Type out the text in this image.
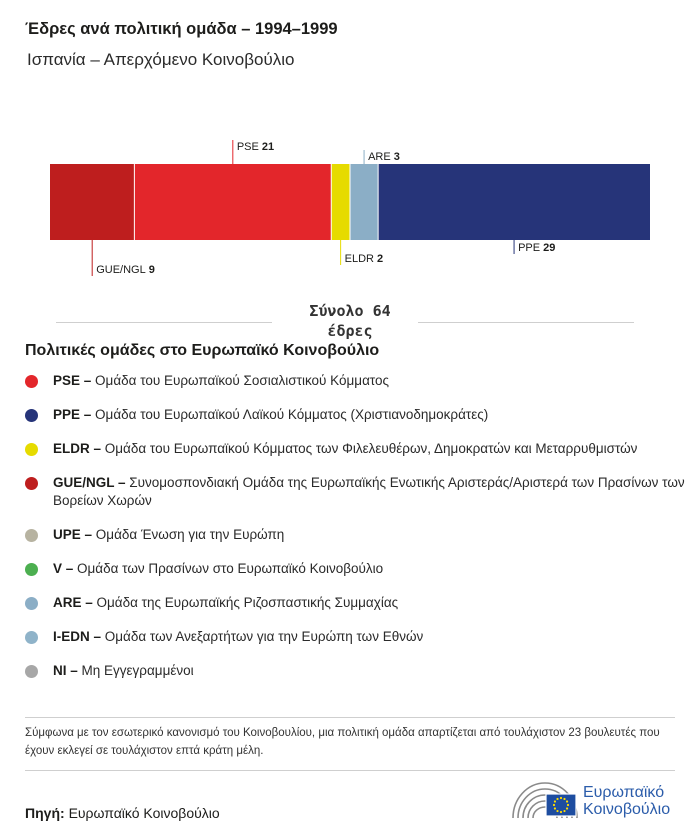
Έδρες ανά πολιτική ομάδα – 1994–1999
Ισπανία – Απερχόμενο Κοινοβούλιο
GUE/NGL 9
PSE 21
ELDR 2
ARE 3
PPE 29
Σύνολο 64
έδρες
Πολιτικές ομάδες στο Ευρωπαϊκό Κοινοβούλιο
PSE – Ομάδα του Ευρωπαϊκού Σοσιαλιστικού Κόμματος
PPE – Ομάδα του Ευρωπαϊκού Λαϊκού Κόμματος (Χριστιανοδημοκράτες)
ELDR – Ομάδα του Ευρωπαϊκού Κόμματος των Φιλελευθέρων, Δημοκρατών και Μεταρρυθμιστών
GUE/NGL – Συνομοσπονδιακή Ομάδα της Ευρωπαϊκής Ενωτικής Αριστεράς/Αριστερά των Πρασίνων των Βορείων Χωρών
UPE – Ομάδα Ένωση για την Ευρώπη
V – Ομάδα των Πρασίνων στο Ευρωπαϊκό Κοινοβούλιο
ARE – Ομάδα της Ευρωπαϊκής Ριζοσπαστικής Συμμαχίας
I-EDN – Ομάδα των Ανεξαρτήτων για την Ευρώπη των Εθνών
NI – Μη Εγγεγραμμένοι
Σύμφωνα με τον εσωτερικό κανονισμό του Κοινοβουλίου, μια πολιτική ομάδα απαρτίζεται από τουλάχιστον 23 βουλευτές που έχουν εκλεγεί σε τουλάχιστον επτά κράτη μέλη.
Πηγή: Ευρωπαϊκό Κοινοβούλιο
Ευρωπαϊκό
Κοινοβούλιο
